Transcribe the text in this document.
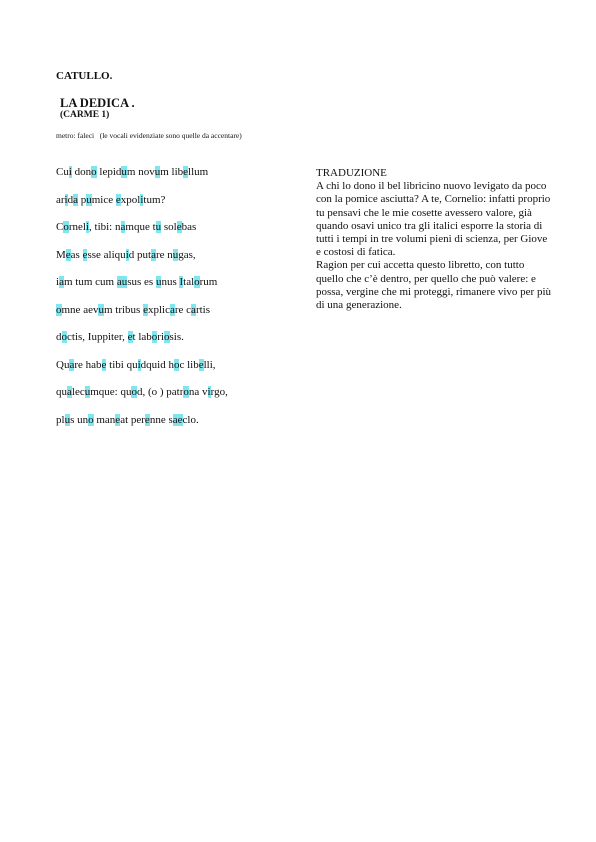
CATULLO.
LA DEDICA .
(CARME 1)
metro: faleci   (le vocali evidenziate sono quelle da accentare)
Cui dono lepidum novum libellum
arida pumice expolitum?
Corneli, tibi: namque tu solebas
Meas esse aliquid putare nugas,
iam tum cum ausus es unus Italorum
omne aevum tribus explicare cartis
doctis, Iuppiter, et laboriosis.
Quare habe tibi quidquid hoc libelli,
qualecumque: quod, (o ) patrona virgo,
plus uno maneat perenne saeclo.

TRADUZIONE

A chi lo dono il bel libricino nuovo levigato da poco con la pomice asciutta? A te, Cornelio: infatti proprio tu pensavi che le mie cosette avessero valore, già quando osavi unico tra gli italici esporre la storia di tutti i tempi in tre volumi pieni di scienza, per Giove e costosi di fatica.

Ragion per cui accetta questo libretto, con tutto quello che c’è dentro, per quello che può valere: e possa, vergine che mi proteggi, rimanere vivo per più di una generazione.
